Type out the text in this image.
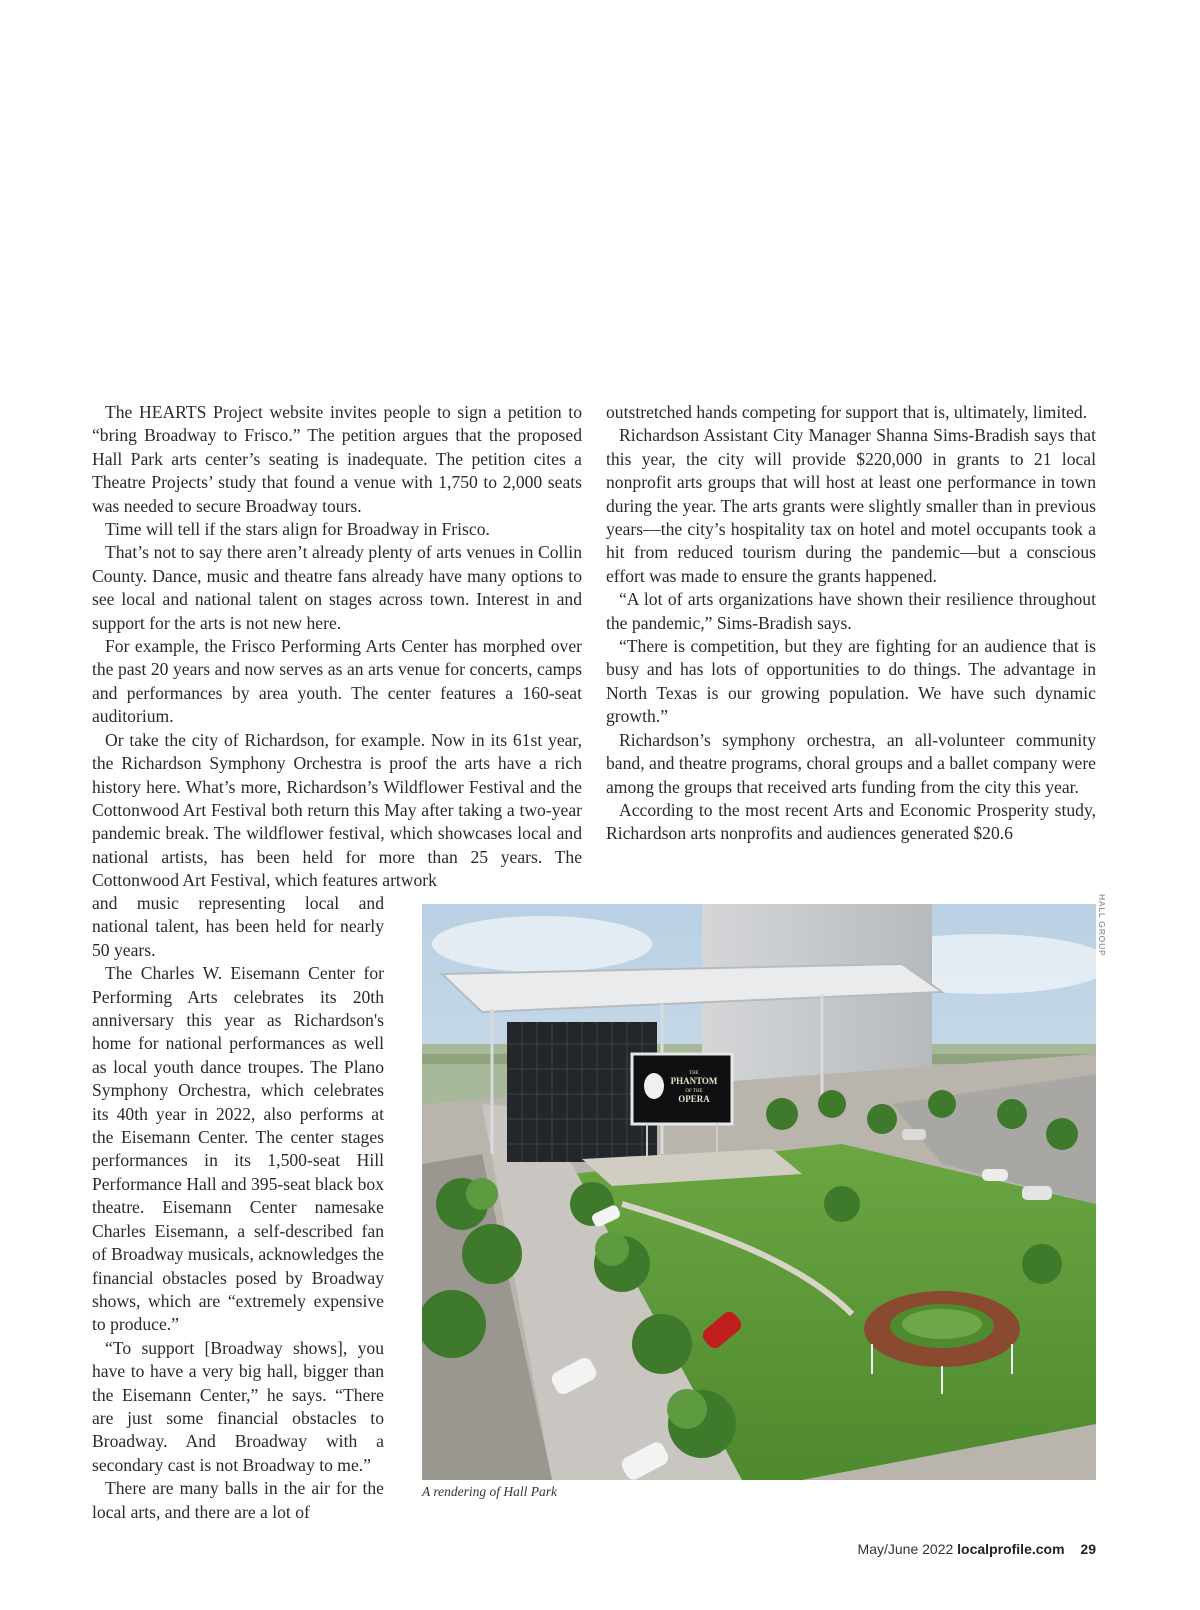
The HEARTS Project website invites people to sign a petition to “bring Broadway to Frisco.” The petition argues that the proposed Hall Park arts center’s seating is inadequate. The petition cites a Theatre Projects’ study that found a venue with 1,750 to 2,000 seats was needed to secure Broadway tours.

Time will tell if the stars align for Broadway in Frisco.

That’s not to say there aren’t already plenty of arts venues in Collin County. Dance, music and theatre fans already have many options to see local and national talent on stages across town. Interest in and support for the arts is not new here.

For example, the Frisco Performing Arts Center has morphed over the past 20 years and now serves as an arts venue for concerts, camps and performances by area youth. The center features a 160-seat auditorium.

Or take the city of Richardson, for example. Now in its 61st year, the Richardson Symphony Orchestra is proof the arts have a rich history here. What’s more, Richardson’s Wildflower Festival and the Cottonwood Art Festival both return this May after taking a two-year pandemic break. The wildflower festival, which showcases local and national artists, has been held for more than 25 years. The Cottonwood Art Festival, which features artwork

and music representing local and national talent, has been held for nearly 50 years.

The Charles W. Eisemann Center for Performing Arts celebrates its 20th anniversary this year as Richardson's home for national performances as well as local youth dance troupes. The Plano Symphony Orchestra, which celebrates its 40th year in 2022, also performs at the Eisemann Center. The center stages performances in its 1,500-seat Hill Performance Hall and 395-seat black box theatre. Eisemann Center namesake Charles Eisemann, a self-described fan of Broadway musicals, acknowledges the financial obstacles posed by Broadway shows, which are “extremely expensive to produce.”

“To support [Broadway shows], you have to have a very big hall, bigger than the Eisemann Center,” he says. “There are just some financial obstacles to Broadway. And Broadway with a secondary cast is not Broadway to me.”

There are many balls in the air for the local arts, and there are a lot of

outstretched hands competing for support that is, ultimately, limited.

Richardson Assistant City Manager Shanna Sims-Bradish says that this year, the city will provide $220,000 in grants to 21 local nonprofit arts groups that will host at least one performance in town during the year. The arts grants were slightly smaller than in previous years—the city’s hospitality tax on hotel and motel occupants took a hit from reduced tourism during the pandemic—but a conscious effort was made to ensure the grants happened.

“A lot of arts organizations have shown their resilience throughout the pandemic,” Sims-Bradish says.

“There is competition, but they are fighting for an audience that is busy and has lots of opportunities to do things. The advantage in North Texas is our growing population. We have such dynamic growth.”

Richardson’s symphony orchestra, an all-volunteer community band, and theatre programs, choral groups and a ballet company were among the groups that received arts funding from the city this year.

According to the most recent Arts and Economic Prosperity study, Richardson arts nonprofits and audiences generated $20.6

THE
PHANTOM
OF THE
OPERA
HALL GROUP
A rendering of Hall Park
May/June 2022 localprofile.com 29
